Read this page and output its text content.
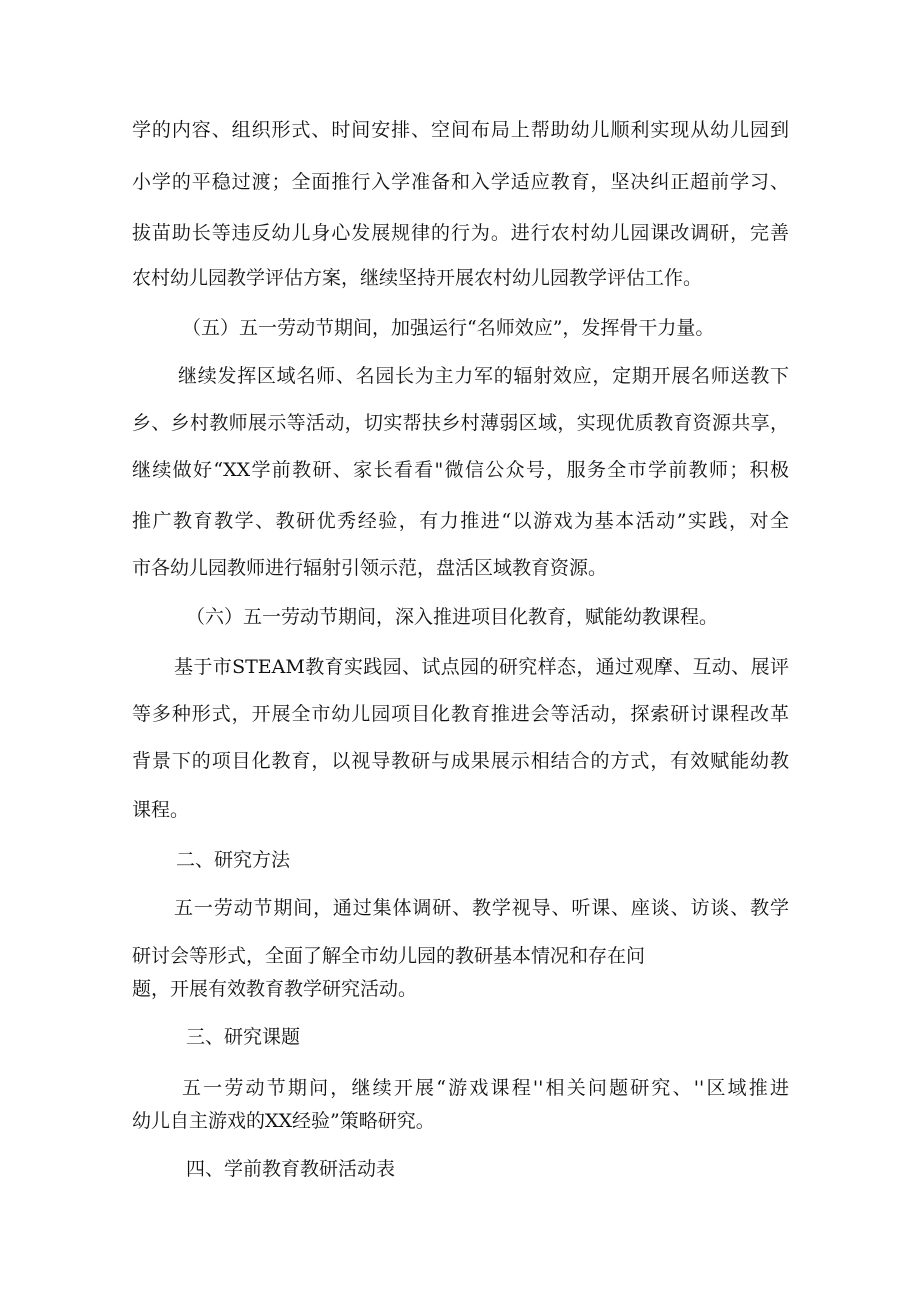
学的内容、组织形式、时间安排、空间布局上帮助幼儿顺利实现从幼儿园到
小学的平稳过渡；全面推行入学准备和入学适应教育，坚决纠正超前学习、
拔苗助长等违反幼儿身心发展规律的行为。进行农村幼儿园课改调研，完善
农村幼儿园教学评估方案，继续坚持开展农村幼儿园教学评估工作。
（五）五一劳动节期间，加强运行“名师效应”，发挥骨干力量。
继续发挥区域名师、名园长为主力军的辐射效应，定期开展名师送教下
乡、乡村教师展示等活动，切实帮扶乡村薄弱区域，实现优质教育资源共享，
继续做好“XX学前教研、家长看看"微信公众号，服务全市学前教师；积极
推广教育教学、教研优秀经验，有力推进“以游戏为基本活动”实践，对全
市各幼儿园教师进行辐射引领示范，盘活区域教育资源。
（六）五一劳动节期间，深入推进项目化教育，赋能幼教课程。
基于市STEAM教育实践园、试点园的研究样态，通过观摩、互动、展评
等多种形式，开展全市幼儿园项目化教育推进会等活动，探索研讨课程改革
背景下的项目化教育，以视导教研与成果展示相结合的方式，有效赋能幼教
课程。
二、研究方法
五一劳动节期间，通过集体调研、教学视导、听课、座谈、访谈、教学
研讨会等形式，全面了解全市幼儿园的教研基本情况和存在问
题，开展有效教育教学研究活动。
三、研究课题
五一劳动节期问，继续开展“游戏课程''相关问题研究、''区域推进
幼儿自主游戏的XX经验”策略研究。
四、学前教育教研活动表
